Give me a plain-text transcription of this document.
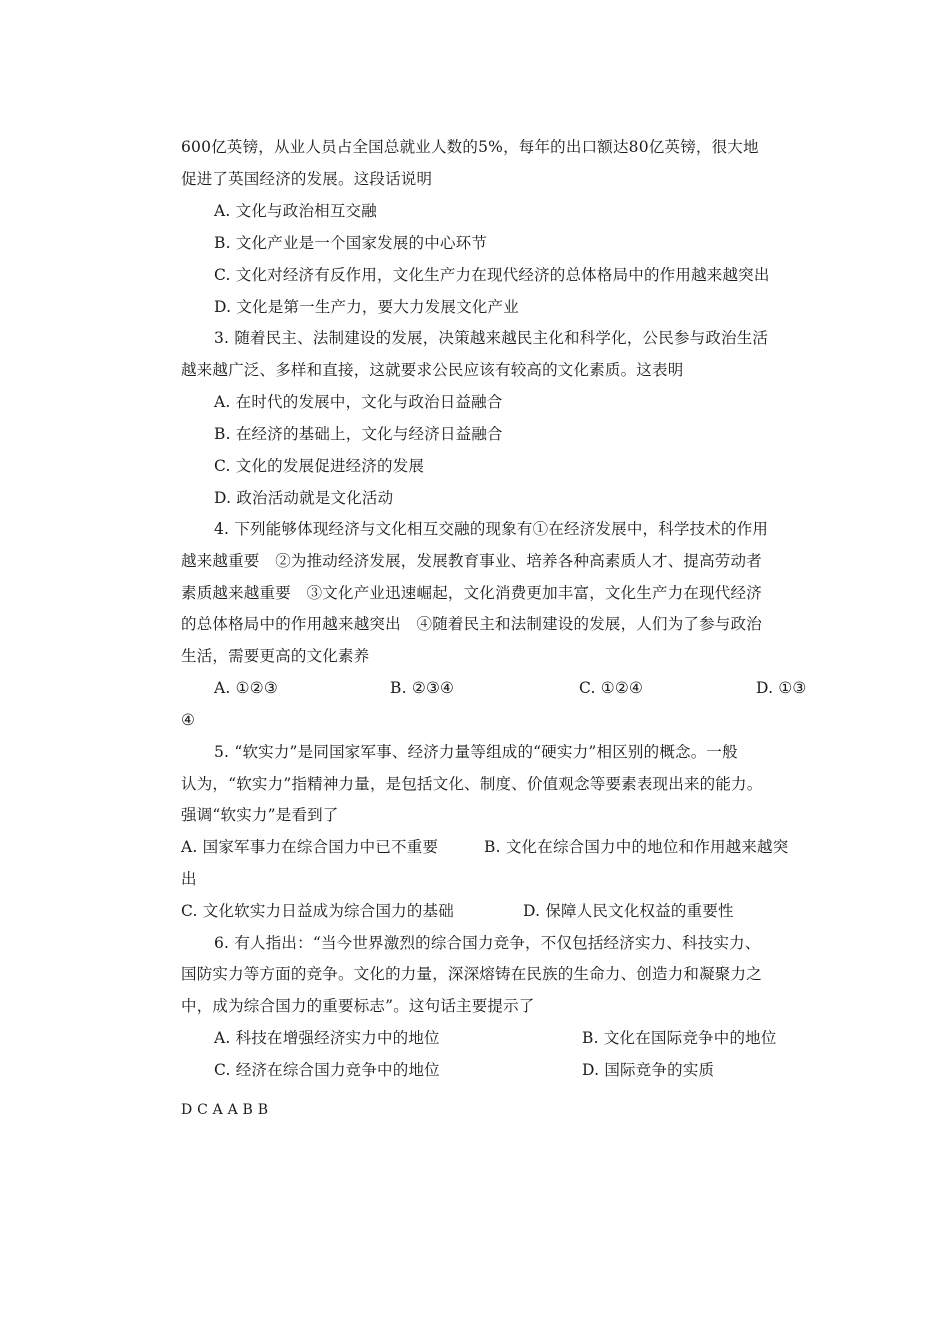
600亿英镑，从业人员占全国总就业人数的5%，每年的出口额达80亿英镑，很大地
促进了英国经济的发展。这段话说明
A. 文化与政治相互交融
B. 文化产业是一个国家发展的中心环节
C. 文化对经济有反作用，文化生产力在现代经济的总体格局中的作用越来越突出
D. 文化是第一生产力，要大力发展文化产业
3. 随着民主、法制建设的发展，决策越来越民主化和科学化，公民参与政治生活
越来越广泛、多样和直接，这就要求公民应该有较高的文化素质。这表明
A. 在时代的发展中，文化与政治日益融合
B. 在经济的基础上，文化与经济日益融合
C. 文化的发展促进经济的发展
D. 政治活动就是文化活动
4. 下列能够体现经济与文化相互交融的现象有①在经济发展中，科学技术的作用
越来越重要　②为推动经济发展，发展教育事业、培养各种高素质人才、提高劳动者
素质越来越重要　③文化产业迅速崛起，文化消费更加丰富，文化生产力在现代经济
的总体格局中的作用越来越突出　④随着民主和法制建设的发展，人们为了参与政治
生活，需要更高的文化素养
A. ①②③	B. ②③④	C. ①②④	D. ①③
④
5. “软实力”是同国家军事、经济力量等组成的“硬实力”相区别的概念。一般
认为，“软实力”指精神力量，是包括文化、制度、价值观念等要素表现出来的能力。
强调“软实力”是看到了
A. 国家军事力在综合国力中已不重要	B. 文化在综合国力中的地位和作用越来越突
出
C. 文化软实力日益成为综合国力的基础	D. 保障人民文化权益的重要性
6. 有人指出：“当今世界激烈的综合国力竞争，不仅包括经济实力、科技实力、
国防实力等方面的竞争。文化的力量，深深熔铸在民族的生命力、创造力和凝聚力之
中，成为综合国力的重要标志”。这句话主要提示了
A. 科技在增强经济实力中的地位	B. 文化在国际竞争中的地位
C. 经济在综合国力竞争中的地位	D. 国际竞争的实质
D C A A B B
